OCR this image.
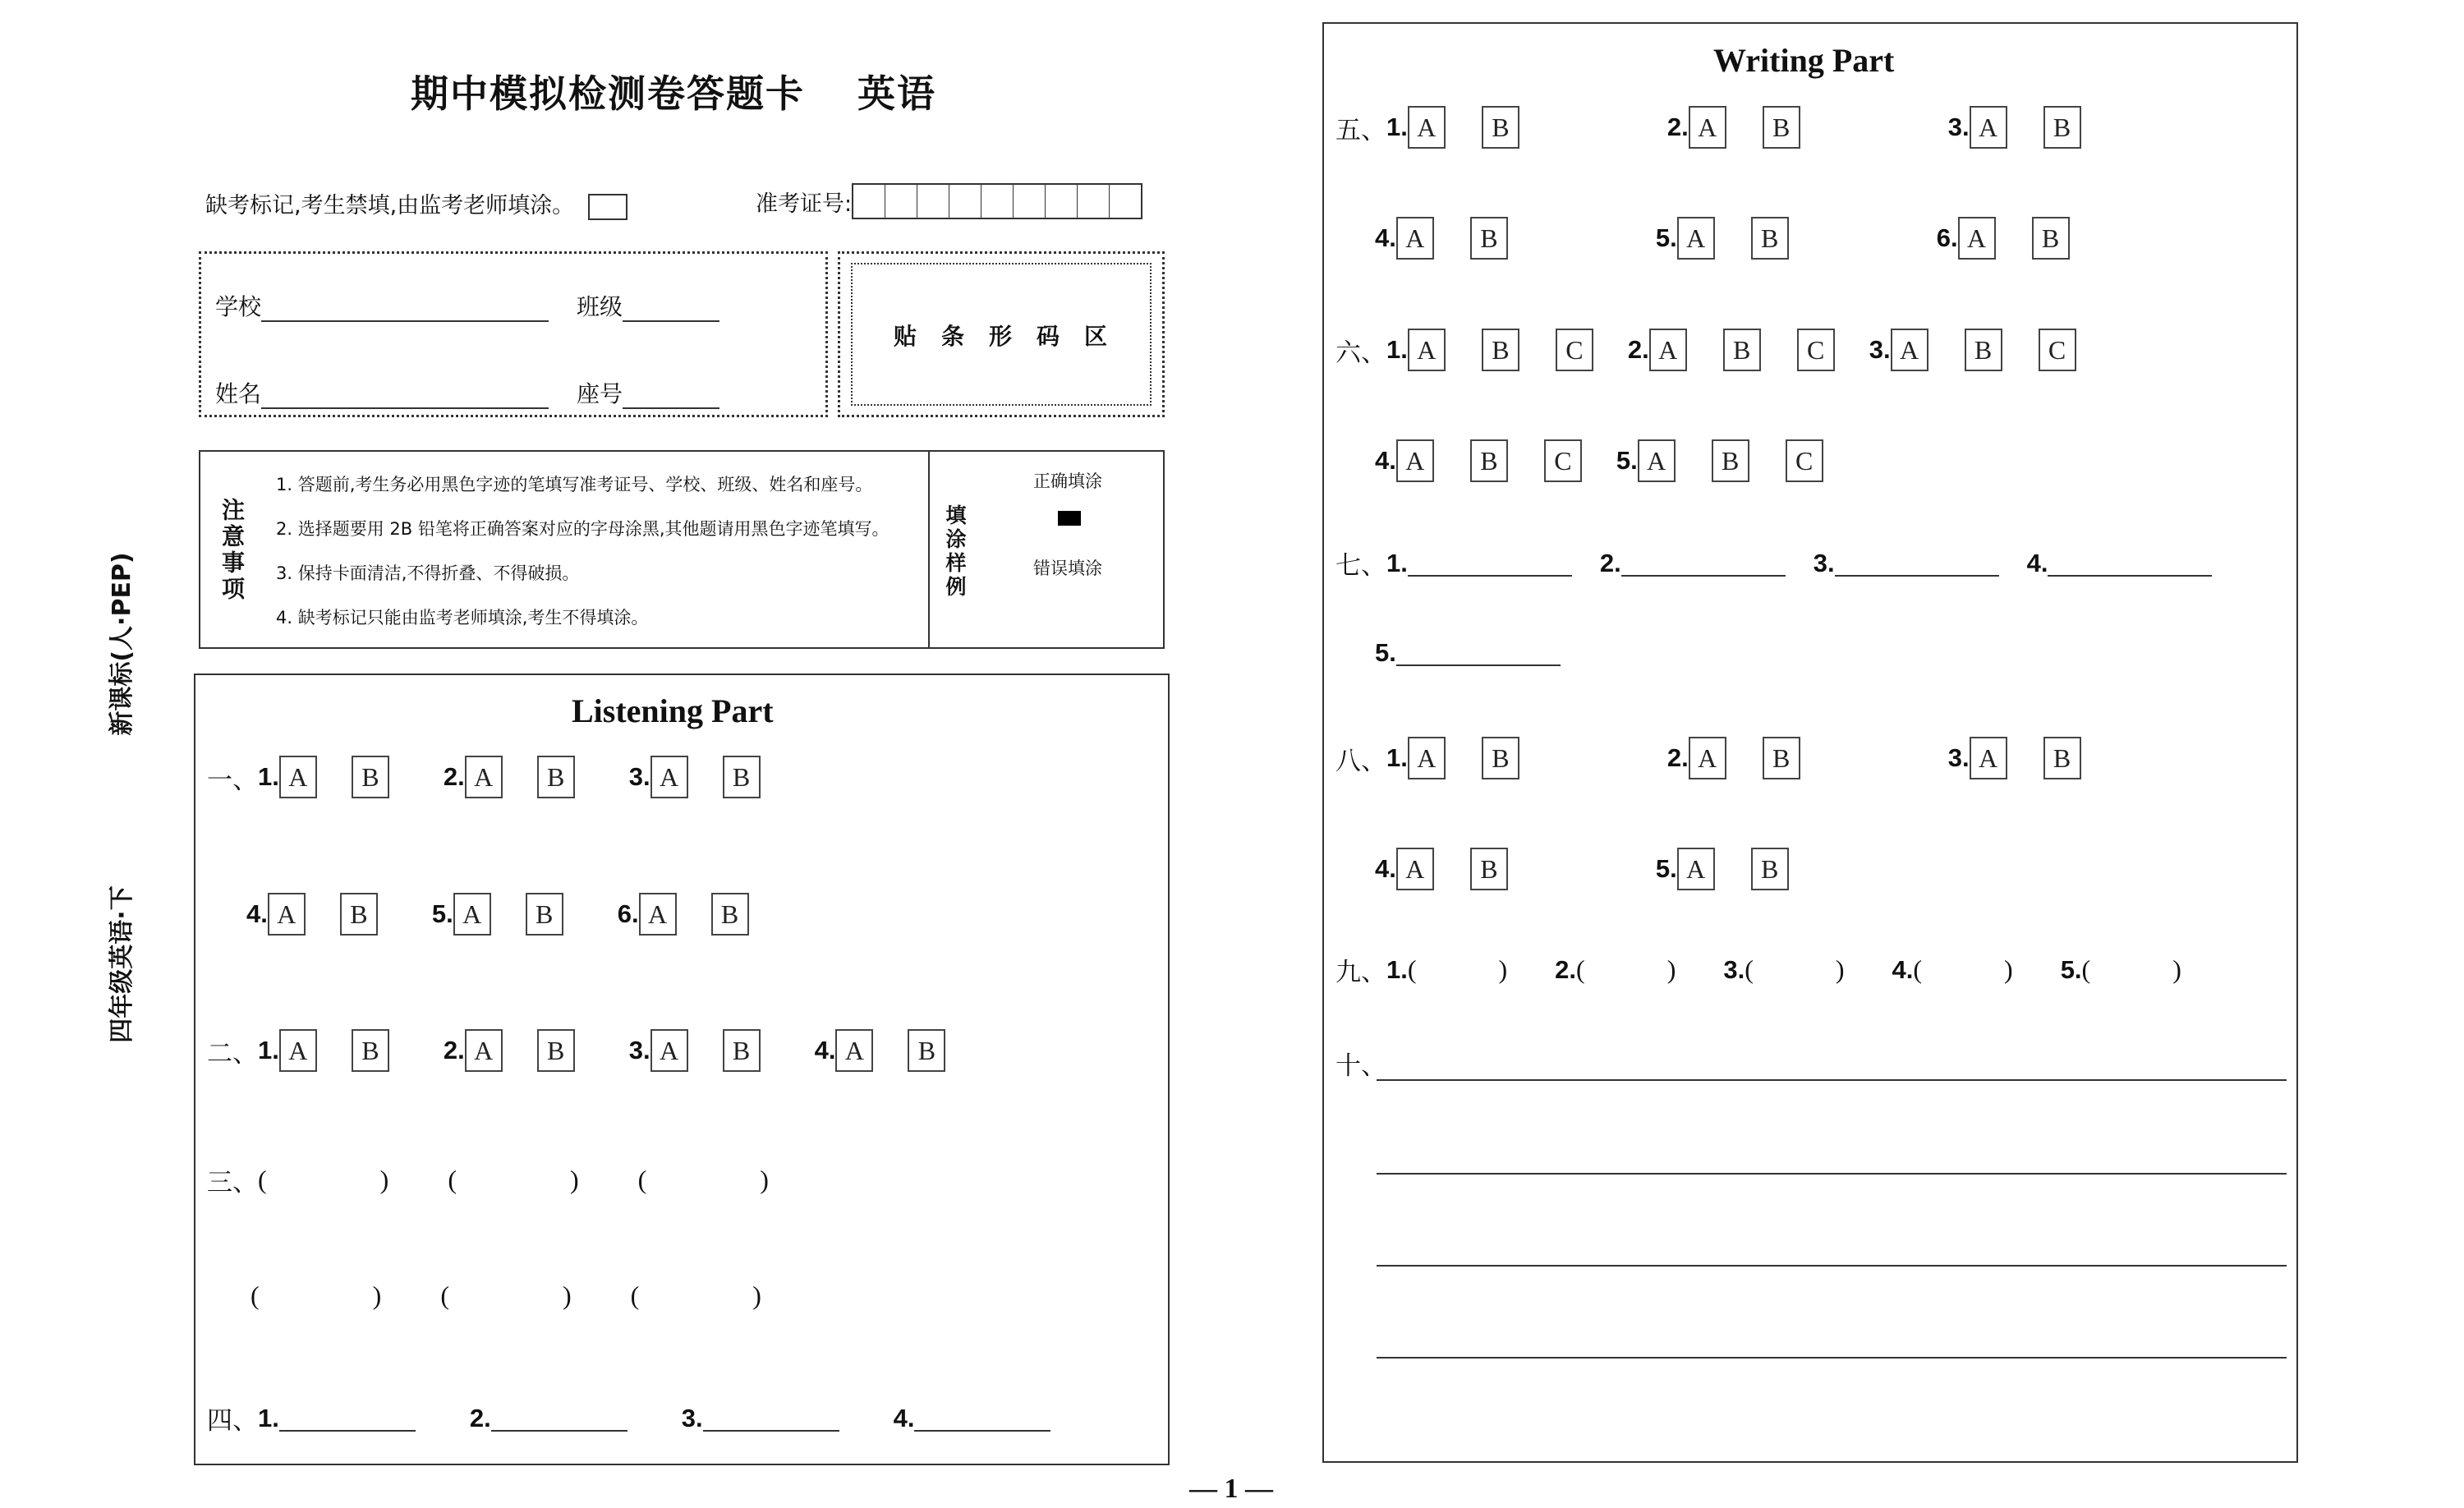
期中模拟检测卷答题卡 英语
缺考标记,考生禁填,由监考老师填涂。	准考证号:
学校	班级
姓名	座号
贴条形码区
注意事项
1. 答题前,考生务必用黑色字迹的笔填写准考证号、学校、班级、姓名和座号。
2. 选择题要用 2B 铅笔将正确答案对应的字母涂黑,其他题请用黑色字迹笔填写。
3. 保持卡面清洁,不得折叠、不得破损。
4. 缺考标记只能由监考老师填涂,考生不得填涂。
填涂样例
正确填涂
错误填涂
新课标(人·PEP)
四年级英语·下
Listening Part
一、 1. A	B	2. A	B	3. A	B
4. A	B	5. A	B	6. A	B
二、 1. A	B	2. A	B	3. A	B	4. A	B
三、 (	) (	) (	)
(	) (	) (	)
四、 1.	2.	3.	4.
Writing Part
五、 1. A	B	2. A	B	3. A	B
4. A	B	5. A	B	6. A	B
六、 1. A	B	C	2. A	B	C	3. A	B	C
4. A	B	C	5. A	B	C
七、 1.	2.	3.	4.
5.
八、 1. A	B	2. A	B	3. A	B
4. A	B	5. A	B
九、 1. (	) 2. (	) 3. (	) 4. (	) 5. (	)
十、
— 1 —
